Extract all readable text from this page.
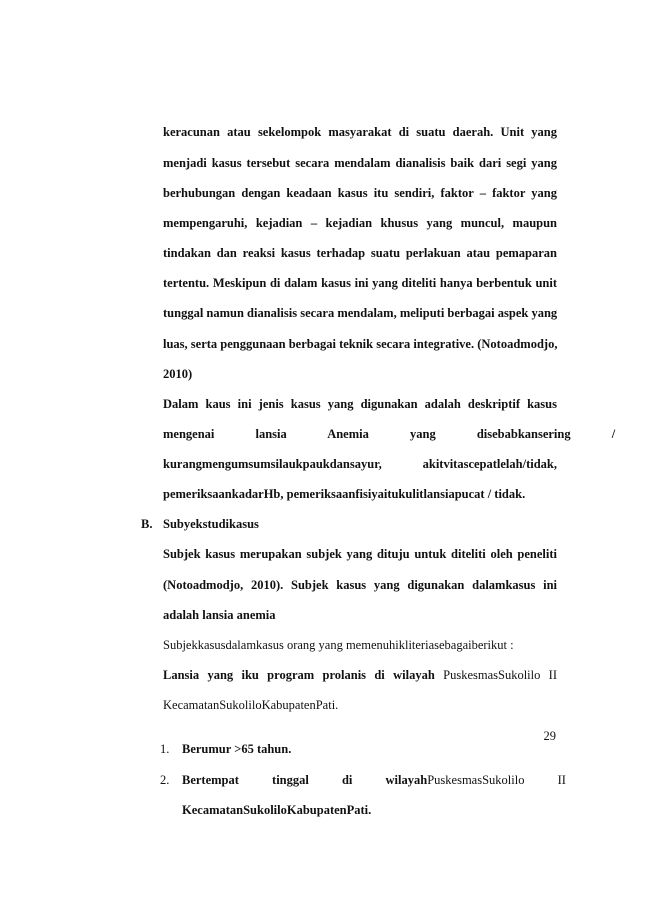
keracunan atau sekelompok masyarakat di suatu daerah. Unit yang
menjadi kasus tersebut secara mendalam dianalisis baik dari segi yang
berhubungan dengan keadaan kasus itu sendiri, faktor – faktor yang
mempengaruhi, kejadian – kejadian khusus yang muncul, maupun
tindakan dan reaksi kasus terhadap suatu perlakuan atau pemaparan
tertentu. Meskipun di dalam kasus ini yang diteliti hanya berbentuk unit
tunggal namun dianalisis secara mendalam, meliputi berbagai aspek yang
luas, serta penggunaan berbagai teknik secara integrative. (Notoadmodjo,
2010)
Dalam kaus ini jenis kasus yang digunakan adalah deskriptif kasus
mengenai lansia Anemia yang disebabkansering /
kurangmengumsumsilaukpaukdansayur, akitvitascepatlelah/tidak,
pemeriksaankadarHb, pemeriksaanfisiyaitukulitlansiapucat / tidak.
B. Subyekstudikasus
Subjek kasus merupakan subjek yang dituju untuk diteliti oleh peneliti
(Notoadmodjo, 2010). Subjek kasus yang digunakan dalamkasus ini
adalah lansia anemia
Subjekkasusdalamkasus orang yang memenuhikliteriasebagaiberikut :
Lansia yang iku program prolanis di wilayah PuskesmasSukolilo II
KecamatanSukoliloKabupatenPati.
29
1. Berumur >65 tahun.
2. Bertempat tinggal di wilayahPuskesmasSukolilo II
KecamatanSukoliloKabupatenPati.
